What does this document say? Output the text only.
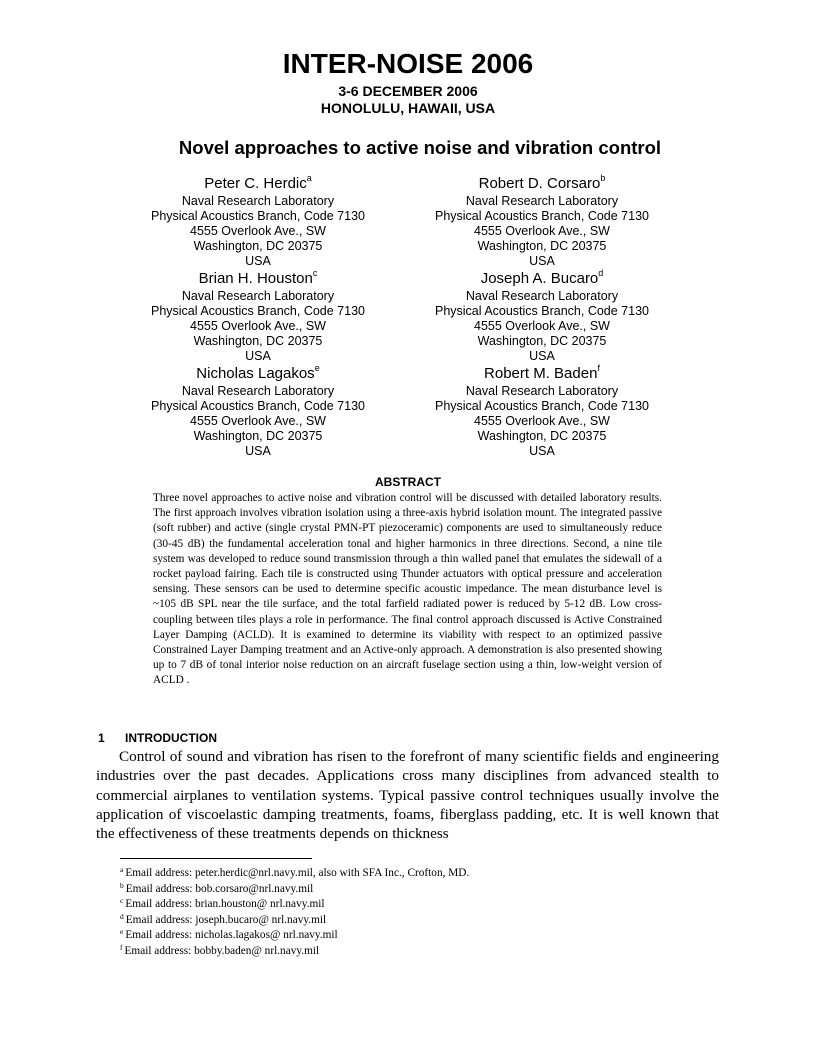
INTER-NOISE 2006
3-6 DECEMBER 2006
HONOLULU, HAWAII, USA
Novel approaches to active noise and vibration control
Peter C. Herdic$^a$
Naval Research Laboratory
Physical Acoustics Branch, Code 7130
4555 Overlook Ave., SW
Washington, DC 20375
USA
Robert D. Corsaro$^b$
Naval Research Laboratory
Physical Acoustics Branch, Code 7130
4555 Overlook Ave., SW
Washington, DC 20375
USA
Brian H. Houston$^c$
Naval Research Laboratory
Physical Acoustics Branch, Code 7130
4555 Overlook Ave., SW
Washington, DC 20375
USA
Joseph A. Bucaro$^d$
Naval Research Laboratory
Physical Acoustics Branch, Code 7130
4555 Overlook Ave., SW
Washington, DC 20375
USA
Nicholas Lagakos$^e$
Naval Research Laboratory
Physical Acoustics Branch, Code 7130
4555 Overlook Ave., SW
Washington, DC 20375
USA
Robert M. Baden$^f$
Naval Research Laboratory
Physical Acoustics Branch, Code 7130
4555 Overlook Ave., SW
Washington, DC 20375
USA
ABSTRACT
Three novel approaches to active noise and vibration control will be discussed with detailed laboratory results. The first approach involves vibration isolation using a three-axis hybrid isolation mount. The integrated passive (soft rubber) and active (single crystal PMN-PT piezoceramic) components are used to simultaneously reduce (30-45 dB) the fundamental acceleration tonal and higher harmonics in three directions. Second, a nine tile system was developed to reduce sound transmission through a thin walled panel that emulates the sidewall of a rocket payload fairing. Each tile is constructed using Thunder actuators with optical pressure and acceleration sensing. These sensors can be used to determine specific acoustic impedance. The mean disturbance level is ~105 dB SPL near the tile surface, and the total farfield radiated power is reduced by 5-12 dB. Low cross-coupling between tiles plays a role in performance. The final control approach discussed is Active Constrained Layer Damping (ACLD). It is examined to determine its viability with respect to an optimized passive Constrained Layer Damping treatment and an Active-only approach. A demonstration is also presented showing up to 7 dB of tonal interior noise reduction on an aircraft fuselage section using a thin, low-weight version of ACLD .
1 INTRODUCTION
Control of sound and vibration has risen to the forefront of many scientific fields and engineering industries over the past decades. Applications cross many disciplines from advanced stealth to commercial airplanes to ventilation systems. Typical passive control techniques usually involve the application of viscoelastic damping treatments, foams, fiberglass padding, etc. It is well known that the effectiveness of these treatments depends on thickness
$^a$ Email address: peter.herdic@nrl.navy.mil, also with SFA Inc., Crofton, MD.
$^b$ Email address: bob.corsaro@nrl.navy.mil
$^c$ Email address: brian.houston@ nrl.navy.mil
$^d$ Email address: joseph.bucaro@ nrl.navy.mil
$^e$ Email address: nicholas.lagakos@ nrl.navy.mil
$^f$ Email address: bobby.baden@ nrl.navy.mil
